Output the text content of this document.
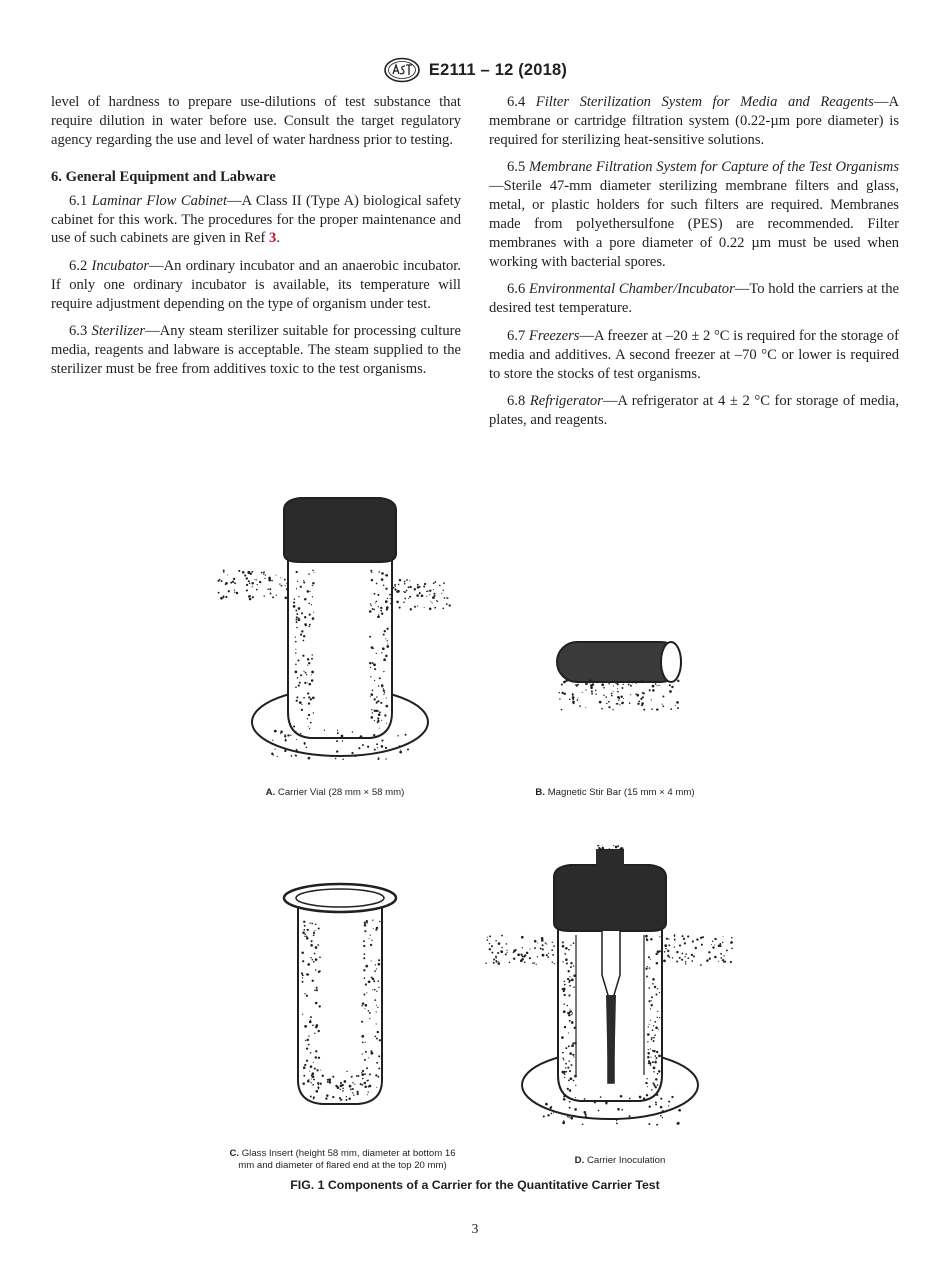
E2111 – 12 (2018)

level of hardness to prepare use-dilutions of test substance that require dilution in water before use. Consult the target regulatory agency regarding the use and level of water hardness prior to testing.

6. General Equipment and Labware

6.1 Laminar Flow Cabinet—A Class II (Type A) biological safety cabinet for this work. The procedures for the proper maintenance and use of such cabinets are given in Ref 3.

6.2 Incubator—An ordinary incubator and an anaerobic incubator. If only one ordinary incubator is available, its temperature will require adjustment depending on the type of organism under test.

6.3 Sterilizer—Any steam sterilizer suitable for processing culture media, reagents and labware is acceptable. The steam supplied to the sterilizer must be free from additives toxic to the test organisms.

6.4 Filter Sterilization System for Media and Reagents—A membrane or cartridge filtration system (0.22-µm pore diameter) is required for sterilizing heat-sensitive solutions.

6.5 Membrane Filtration System for Capture of the Test Organisms—Sterile 47-mm diameter sterilizing membrane filters and glass, metal, or plastic holders for such filters are required. Membranes made from polyethersulfone (PES) are recommended. Filter membranes with a pore diameter of 0.22 µm must be used when working with bacterial spores.

6.6 Environmental Chamber/Incubator—To hold the carriers at the desired test temperature.

6.7 Freezers—A freezer at –20 ± 2 °C is required for the storage of media and additives. A second freezer at –70 °C or lower is required to store the stocks of test organisms.

6.8 Refrigerator—A refrigerator at 4 ± 2 °C for storage of media, plates, and reagents.

A. Carrier Vial (28 mm × 58 mm)	B. Magnetic Stir Bar (15 mm × 4 mm)
C. Glass Insert (height 58 mm, diameter at bottom 16
mm and diameter of flared end at the top 20 mm)	D. Carrier Inoculation
FIG. 1 Components of a Carrier for the Quantitative Carrier Test
3
